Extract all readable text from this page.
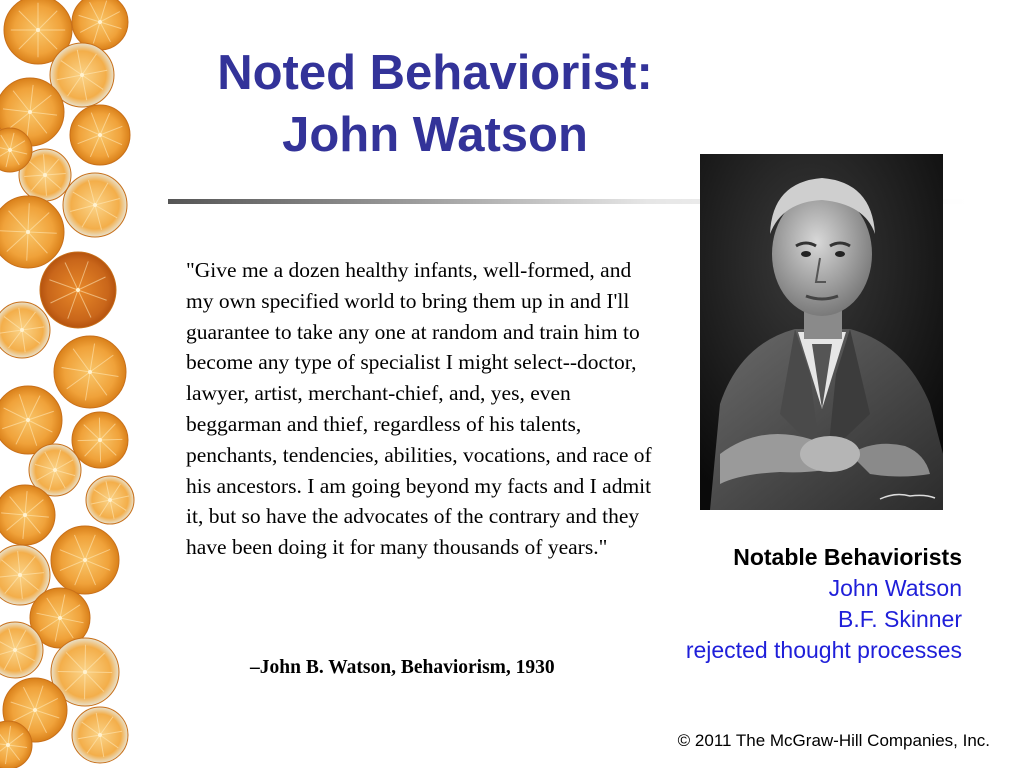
Noted Behaviorist:
John Watson
"Give me a dozen healthy infants, well-formed, and my own specified world to bring them up in and I'll guarantee to take any one at random and train him to become any type of specialist I might select--doctor, lawyer, artist, merchant-chief, and, yes, even beggarman and thief, regardless of his talents, penchants, tendencies, abilities, vocations, and race of his ancestors. I am going beyond my facts and I admit it, but so have the advocates of the contrary and they have been doing it for many thousands of years."
–John B. Watson, Behaviorism, 1930
Notable Behaviorists
John Watson
B.F. Skinner
rejected thought processes
© 2011 The McGraw-Hill Companies, Inc.
